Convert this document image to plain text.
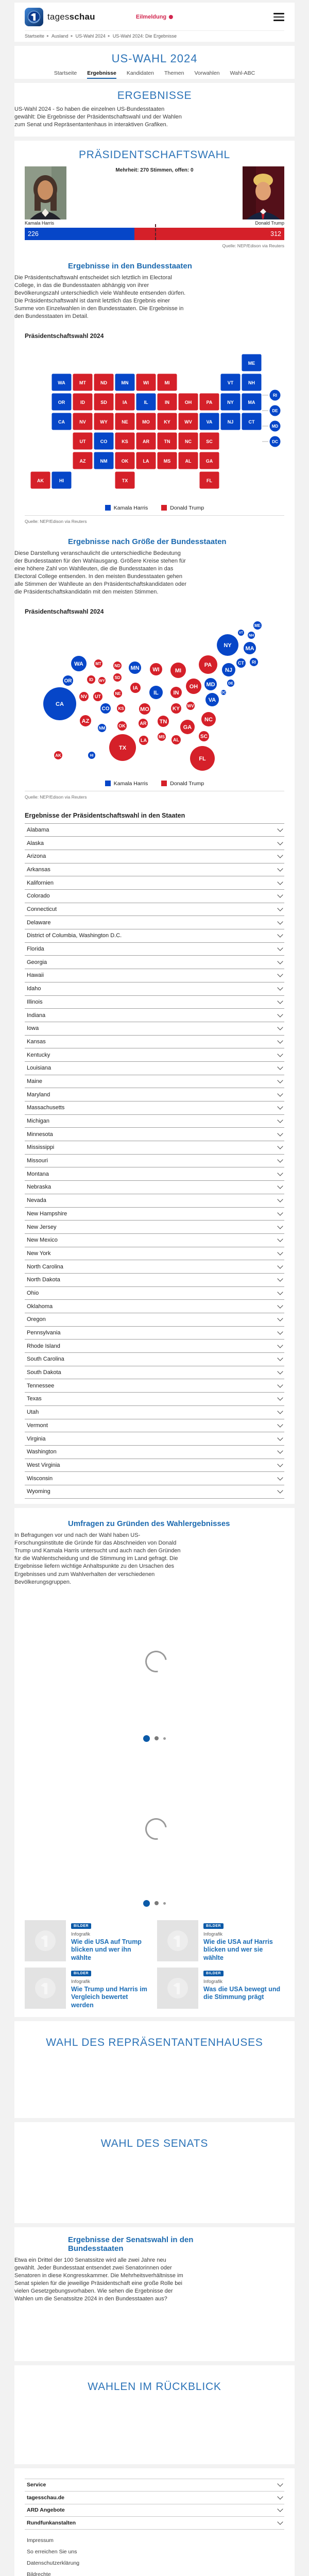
tagesschau	Eilmeldung
Startseite ▸ Ausland ▸ US-Wahl 2024 ▸ US-Wahl 2024: Die Ergebnisse
US-WAHL 2024
Startseite Ergebnisse Kandidaten Themen Vorwahlen Wahl-ABC
ERGEBNISSE

US-Wahl 2024 - So haben die einzelnen US-Bundesstaaten gewählt: Die Ergebnisse der Präsidentschaftswahl und der Wahlen zum Senat und Repräsentantenhaus in interaktiven Grafiken.

PRÄSIDENTSCHAFTSWAHL
Mehrheit: 270 Stimmen, offen: 0
Kamala Harris	Donald Trump
226	312
Quelle: NEP/Edison via Reuters
Ergebnisse in den Bundesstaaten

Die Präsidentschaftswahl entscheidet sich letztlich im Electoral College, in das die Bundesstaaten abhängig von ihrer Bevölkerungszahl unterschiedlich viele Wahlleute entsenden dürfen. Die Präsidentschaftswahl ist damit letztlich das Ergebnis einer Summe von Einzelwahlen in den Bundesstaaten. Die Ergebnisse in den Bundesstaaten im Detail.

Präsidentschaftswahl 2024

ME
WA	MT	ND	MN	WI	MI	VT	NH
OR	ID	SD	IA	IL	IN	OH	PA	NY	MA
CA	NV	WY	NE	MO	KY	WV	VA	NJ	CT
UT	CO	KS	AR	TN	NC	SC
AZ	NM	OK	LA	MS	AL	GA
AK	HI	TX	FL
RI
DE
MD
DC
Kamala Harris	Donald Trump
Quelle: NEP/Edison via Reuters
Ergebnisse nach Größe der Bundesstaaten

Diese Darstellung veranschaulicht die unterschiedliche Bedeutung der Bundesstaaten für den Wahlausgang. Größere Kreise stehen für eine höhere Zahl von Wahlleuten, die die Bundesstaaten in das Electoral College entsenden. In den meisten Bundesstaaten gehen alle Stimmen der Wahlleute an den Präsidentschaftskandidaten oder die Präsidentschaftskandidatin mit den meisten Stimmen.

Präsidentschaftswahl 2024

ME
VT
NH
NY MA
CT RI
PA
NJ
WA	MT	ND MN WI	MI
OR	ID WY
SD
IA	OH MD	DE
DC
NE	IL	IN
NV UT
CA
VA
CO KS	MO	KY
WV
NC
AZ
OK	AR TN
GA
SC
NM
MS
AL
LA
TX
AK	HI	FL
Kamala Harris	Donald Trump
Quelle: NEP/Edison via Reuters

Ergebnisse der Präsidentschaftswahl in den Staaten

Alabama
Alaska
Arizona
Arkansas
Kalifornien
Colorado
Connecticut
Delaware
District of Columbia, Washington D.C.
Florida
Georgia
Hawaii
Idaho
Illinois
Indiana
Iowa
Kansas
Kentucky
Louisiana
Maine
Maryland
Massachusetts
Michigan
Minnesota
Mississippi
Missouri
Montana
Nebraska
Nevada
New Hampshire
New Jersey
New Mexico
New York
North Carolina
North Dakota
Ohio
Oklahoma
Oregon
Pennsylvania
Rhode Island
South Carolina
South Dakota
Tennessee
Texas
Utah
Vermont
Virginia
Washington
West Virginia
Wisconsin
Wyoming
Umfragen zu Gründen des Wahlergebnisses

In Befragungen vor und nach der Wahl haben US-Forschungsinstitute die Gründe für das Abschneiden von Donald Trump und Kamala Harris untersucht und auch nach den Gründen für die Wahlentscheidung und die Stimmung im Land gefragt. Die Ergebnisse liefern wichtige Anhaltspunkte zu den Ursachen des Ergebnisses und zum Wahlverhalten der verschiedenen Bevölkerungsgruppen.

BILDER
Infografik
Wie die USA auf Trump blicken und wer ihn wählte
BILDER
Infografik
Wie die USA auf Harris blicken und wer sie wählte
BILDER
Infografik
Wie Trump und Harris im Vergleich bewertet werden
BILDER
Infografik
Was die USA bewegt und die Stimmung prägt
WAHL DES REPRÄSENTANTENHAUSES
WAHL DES SENATS
Ergebnisse der Senatswahl in den Bundesstaaten

Etwa ein Drittel der 100 Senatssitze wird alle zwei Jahre neu gewählt. Jeder Bundesstaat entsendet zwei Senatorinnen oder Senatoren in diese Kongresskammer. Die Mehrheitsverhältnisse im Senat spielen für die jeweilige Präsidentschaft eine große Rolle bei vielen Gesetzgebungsvorhaben. Wie sehen die Ergebnisse der Wahlen um die Senatssitze 2024 in den Bundesstaaten aus?

WAHLEN IM RÜCKBLICK
Service
tagesschau.de
ARD Angebote
Rundfunkanstalten
Impressum
So erreichen Sie uns
Datenschutzerklärung
Bildrechte
